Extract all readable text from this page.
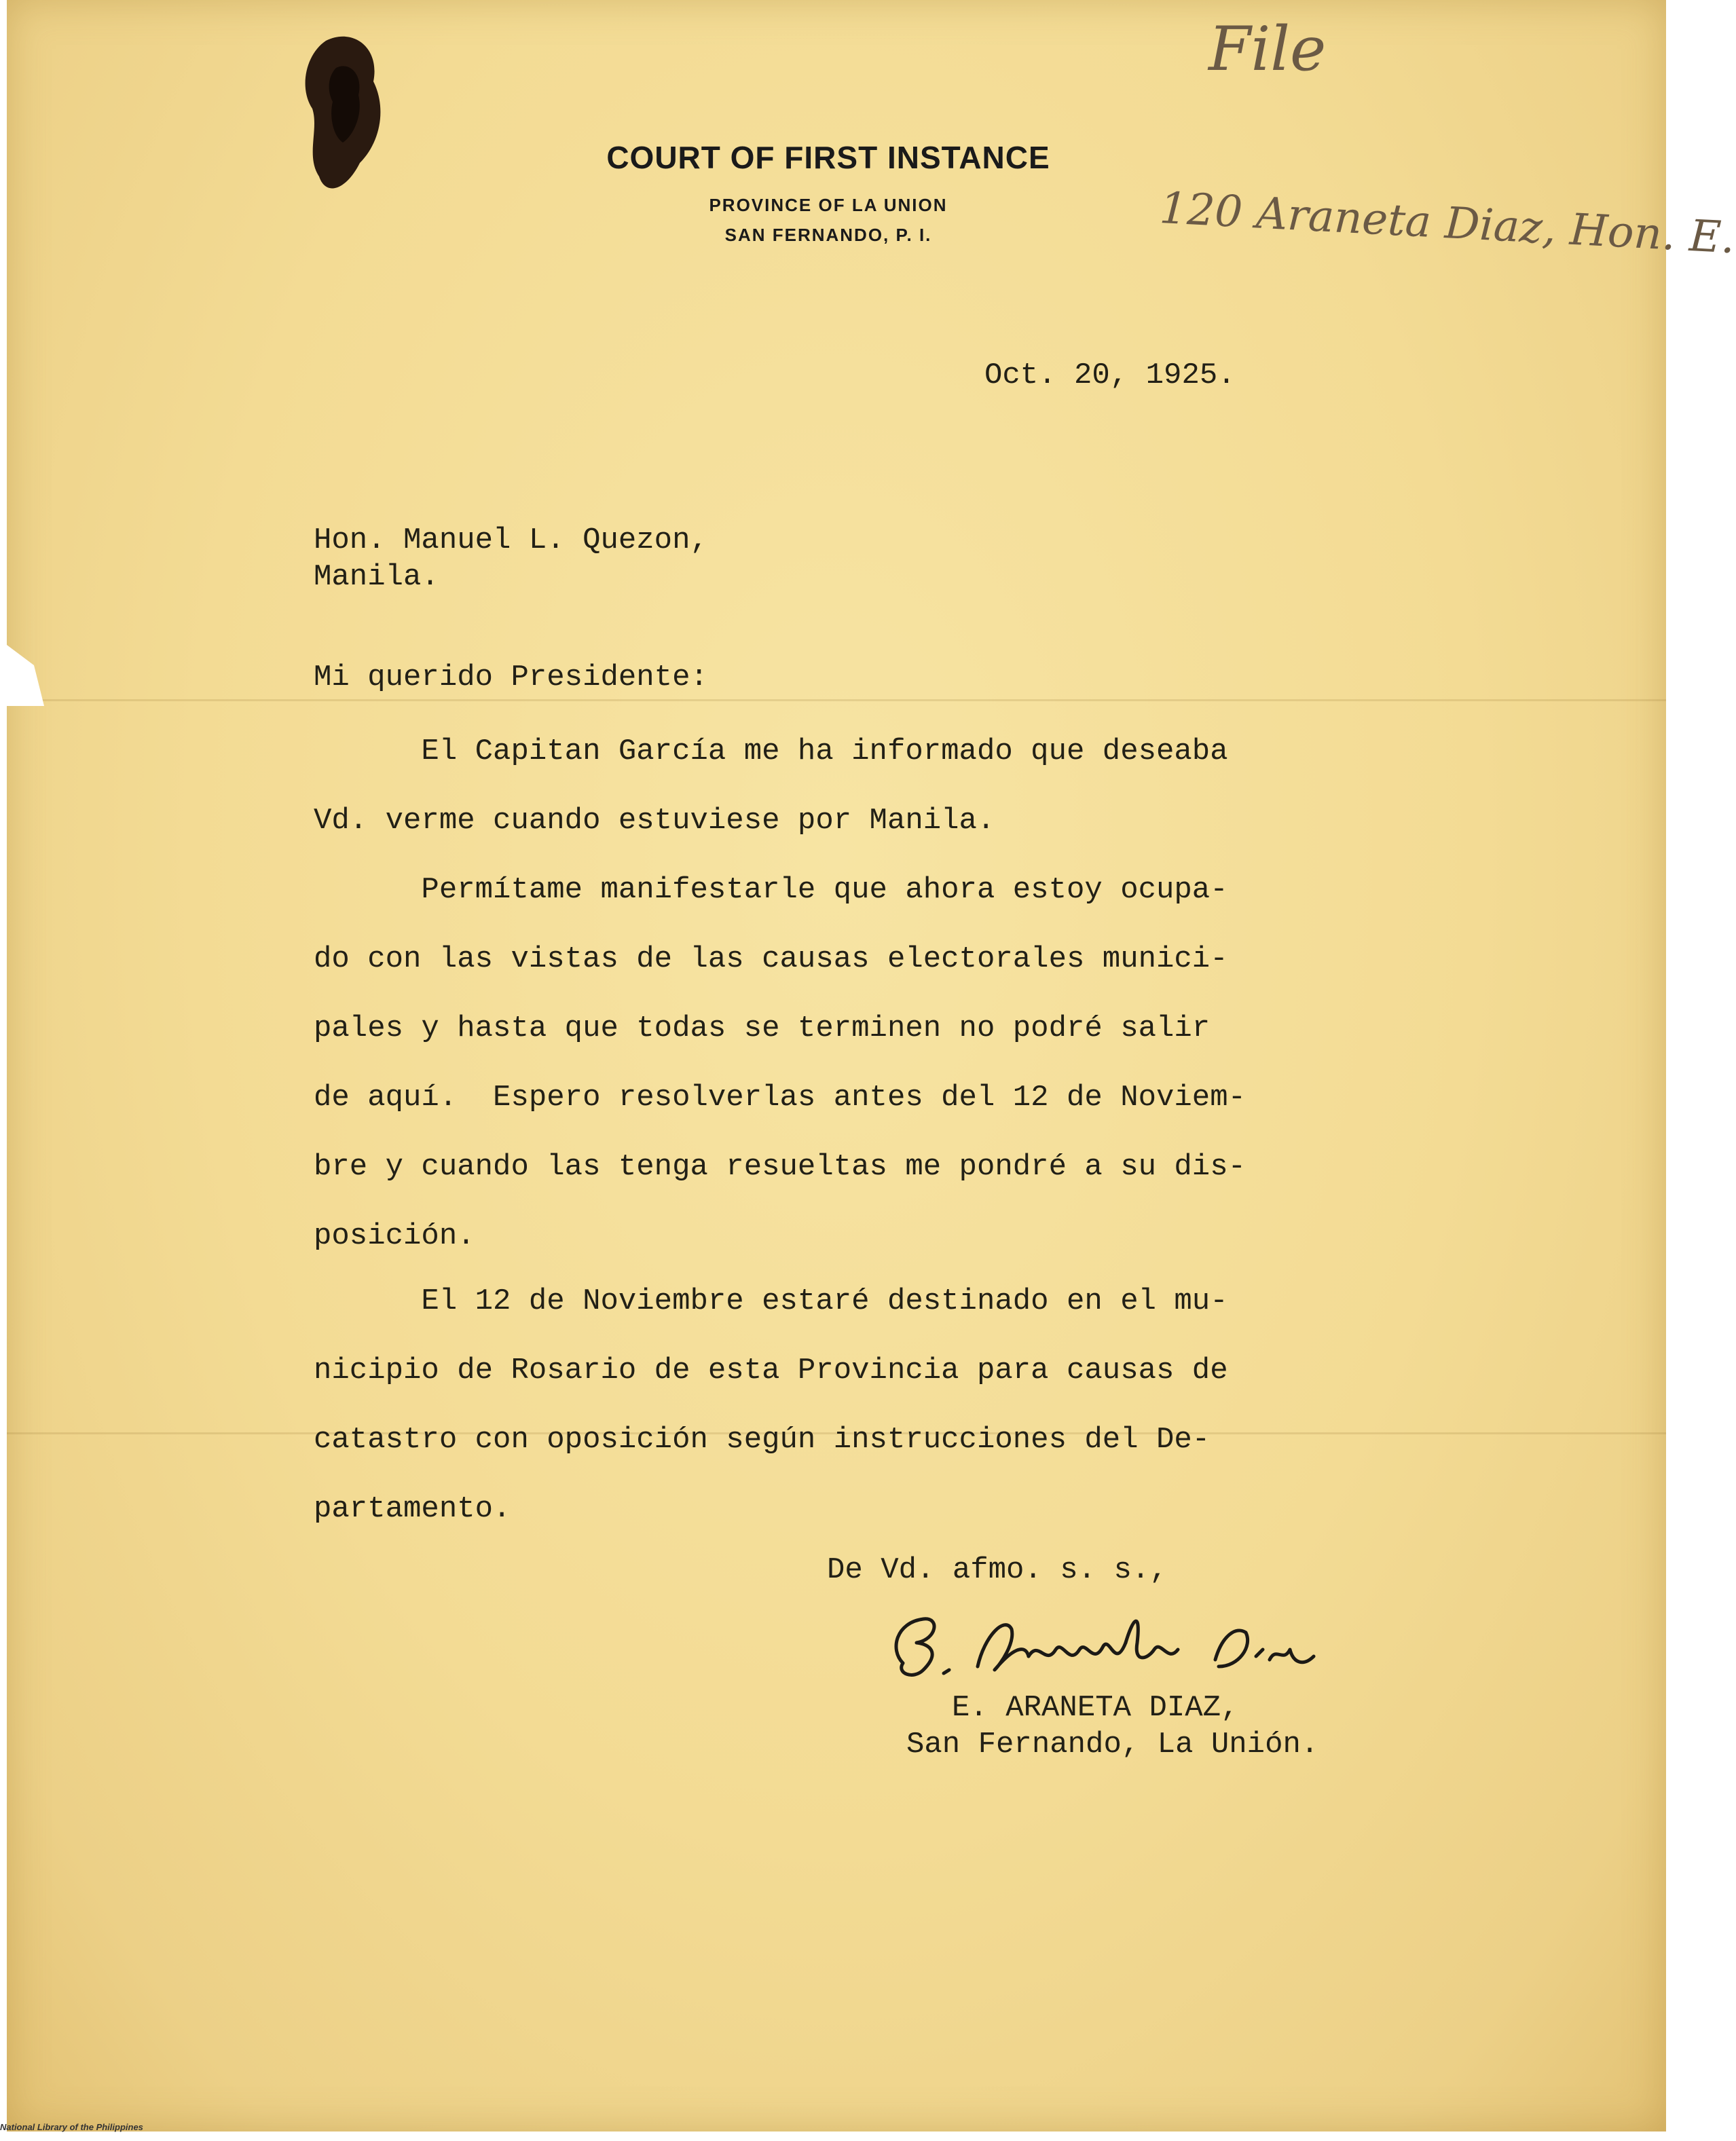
COURT OF FIRST INSTANCE
PROVINCE OF LA UNION
SAN FERNANDO, P. I.
File
120 Araneta Diaz, Hon. E.
Oct. 20, 1925.
Hon. Manuel L. Quezon,
Manila.
Mi querido Presidente:
El Capitan García me ha informado que deseaba
Vd. verme cuando estuviese por Manila.
Permítame manifestarle que ahora estoy ocupa-
do con las vistas de las causas electorales munici-
pales y hasta que todas se terminen no podré salir
de aquí.  Espero resolverlas antes del 12 de Noviem-
bre y cuando las tenga resueltas me pondré a su dis-
posición.
El 12 de Noviembre estaré destinado en el mu-
nicipio de Rosario de esta Provincia para causas de
catastro con oposición según instrucciones del De-
partamento.
De Vd. afmo. s. s.,
E. ARANETA DIAZ,
San Fernando, La Unión.
National Library of the Philippines
